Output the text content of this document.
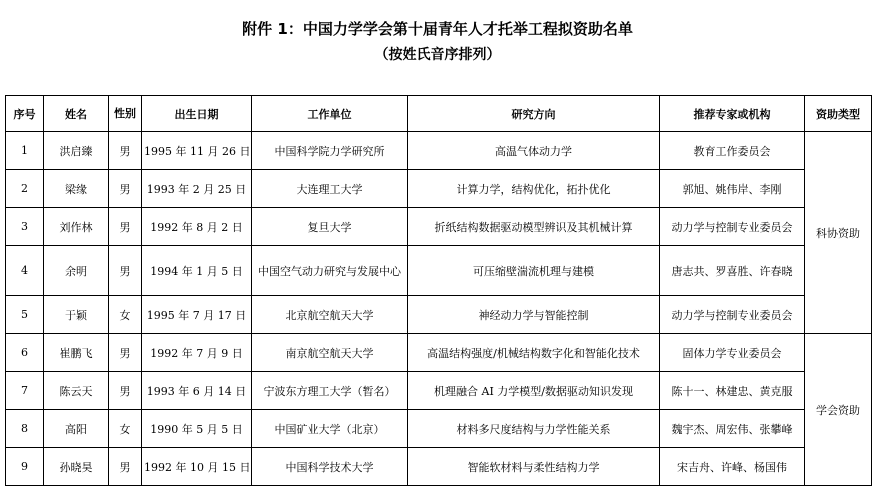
附件 1：中国力学学会第十届青年人才托举工程拟资助名单
（按姓氏音序排列）
序号	姓名	性别	出生日期	工作单位	研究方向	推荐专家或机构	资助类型
1	洪启臻	男	1995 年 11 月 26 日	中国科学院力学研究所	高温气体动力学	教育工作委员会	科协资助
2	梁缘	男	1993 年 2 月 25 日	大连理工大学	计算力学，结构优化，拓扑优化	郭旭、姚伟岸、李刚	
3	刘作林	男	1992 年 8 月 2 日	复旦大学	折纸结构数据驱动模型辨识及其机械计算	动力学与控制专业委员会	
4	余明	男	1994 年 1 月 5 日	中国空气动力研究与发展中心	可压缩壁湍流机理与建模	唐志共、罗喜胜、许春晓	
5	于颖	女	1995 年 7 月 17 日	北京航空航天大学	神经动力学与智能控制	动力学与控制专业委员会	
6	崔鹏飞	男	1992 年 7 月 9 日	南京航空航天大学	高温结构强度/机械结构数字化和智能化技术	固体力学专业委员会	学会资助
7	陈云天	男	1993 年 6 月 14 日	宁波东方理工大学（暂名）	机理融合 AI 力学模型/数据驱动知识发现	陈十一、林建忠、黄克服	
8	高阳	女	1990 年 5 月 5 日	中国矿业大学（北京）	材料多尺度结构与力学性能关系	魏宇杰、周宏伟、张攀峰	
9	孙晓昊	男	1992 年 10 月 15 日	中国科学技术大学	智能软材料与柔性结构力学	宋吉舟、许峰、杨国伟	
